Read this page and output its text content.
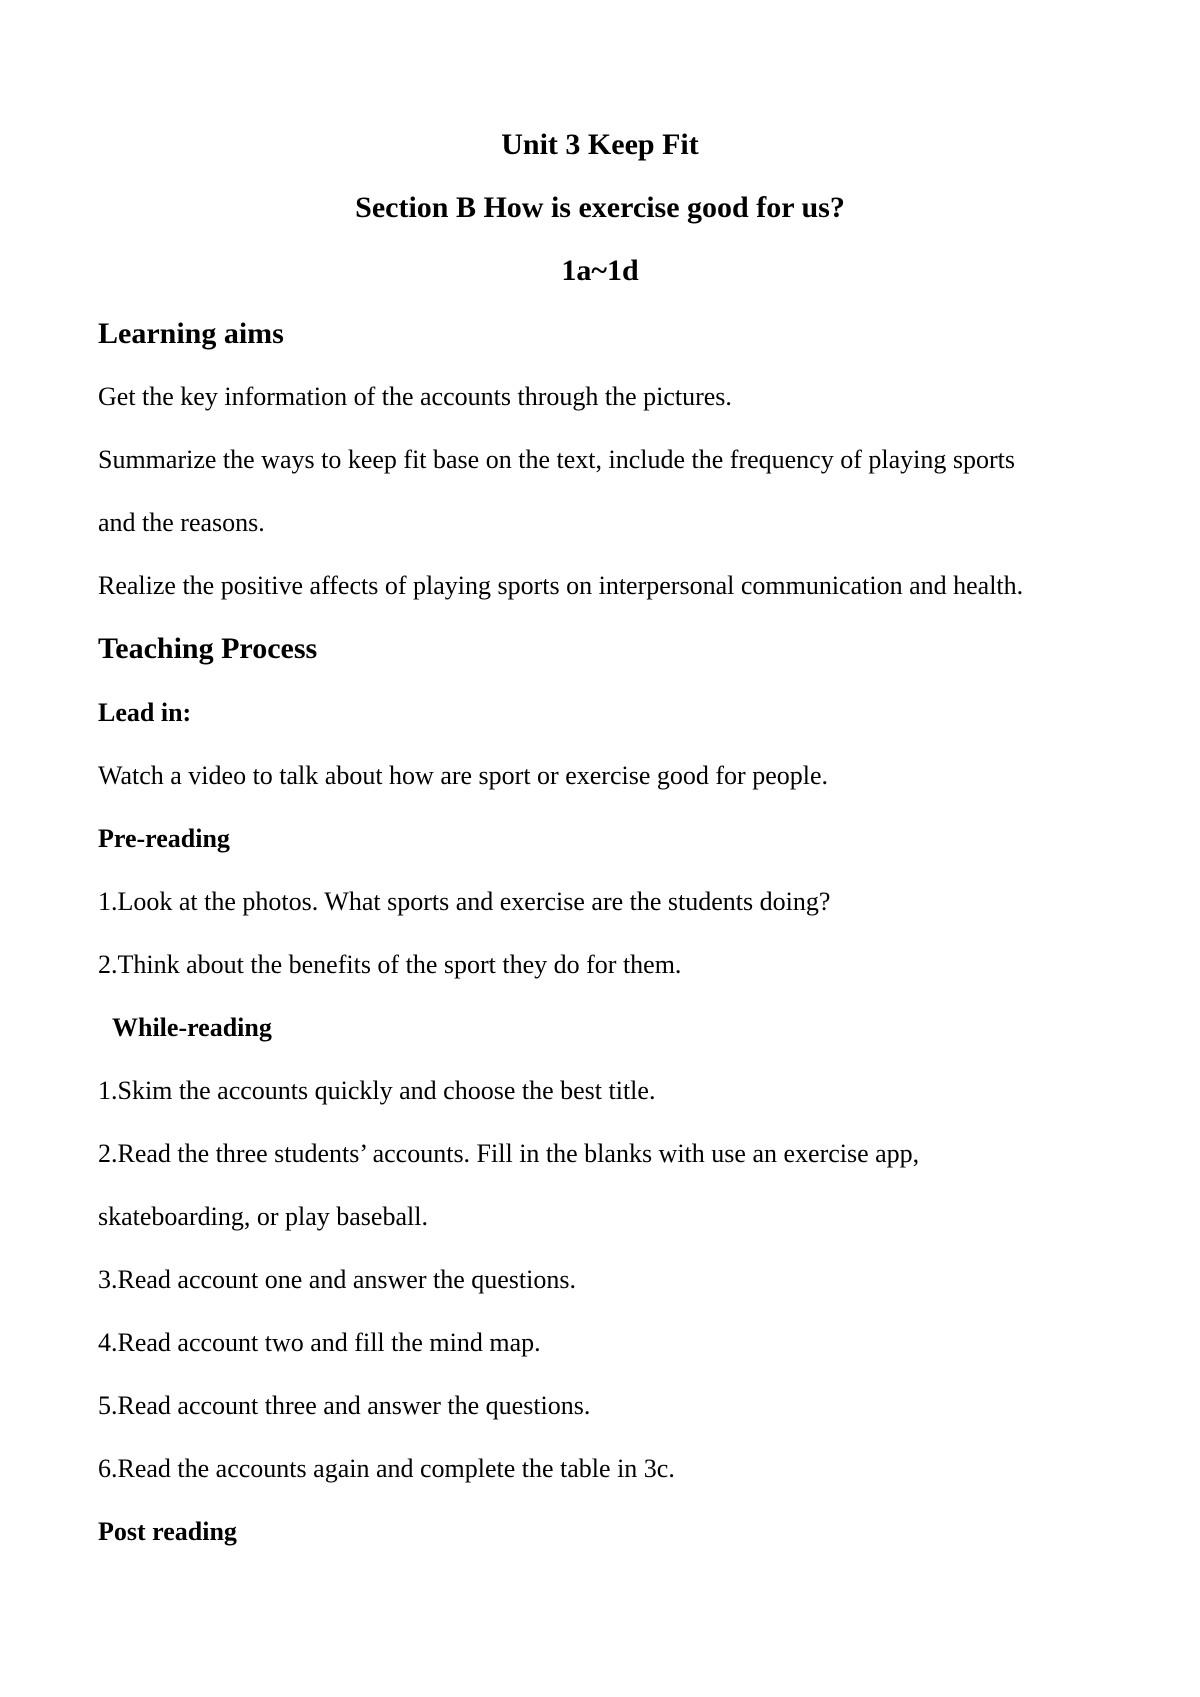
Unit 3 Keep Fit
Section B How is exercise good for us?
1a~1d
Learning aims
Get the key information of the accounts through the pictures.
Summarize the ways to keep fit base on the text, include the frequency of playing sports
and the reasons.
Realize the positive affects of playing sports on interpersonal communication and health.
Teaching Process
Lead in:
Watch a video to talk about how are sport or exercise good for people.
Pre-reading
1.Look at the photos. What sports and exercise are the students doing?
2.Think about the benefits of the sport they do for them.
While-reading
1.Skim the accounts quickly and choose the best title.
2.Read the three students’ accounts. Fill in the blanks with use an exercise app,
skateboarding, or play baseball.
3.Read account one and answer the questions.
4.Read account two and fill the mind map.
5.Read account three and answer the questions.
6.Read the accounts again and complete the table in 3c.
Post reading
